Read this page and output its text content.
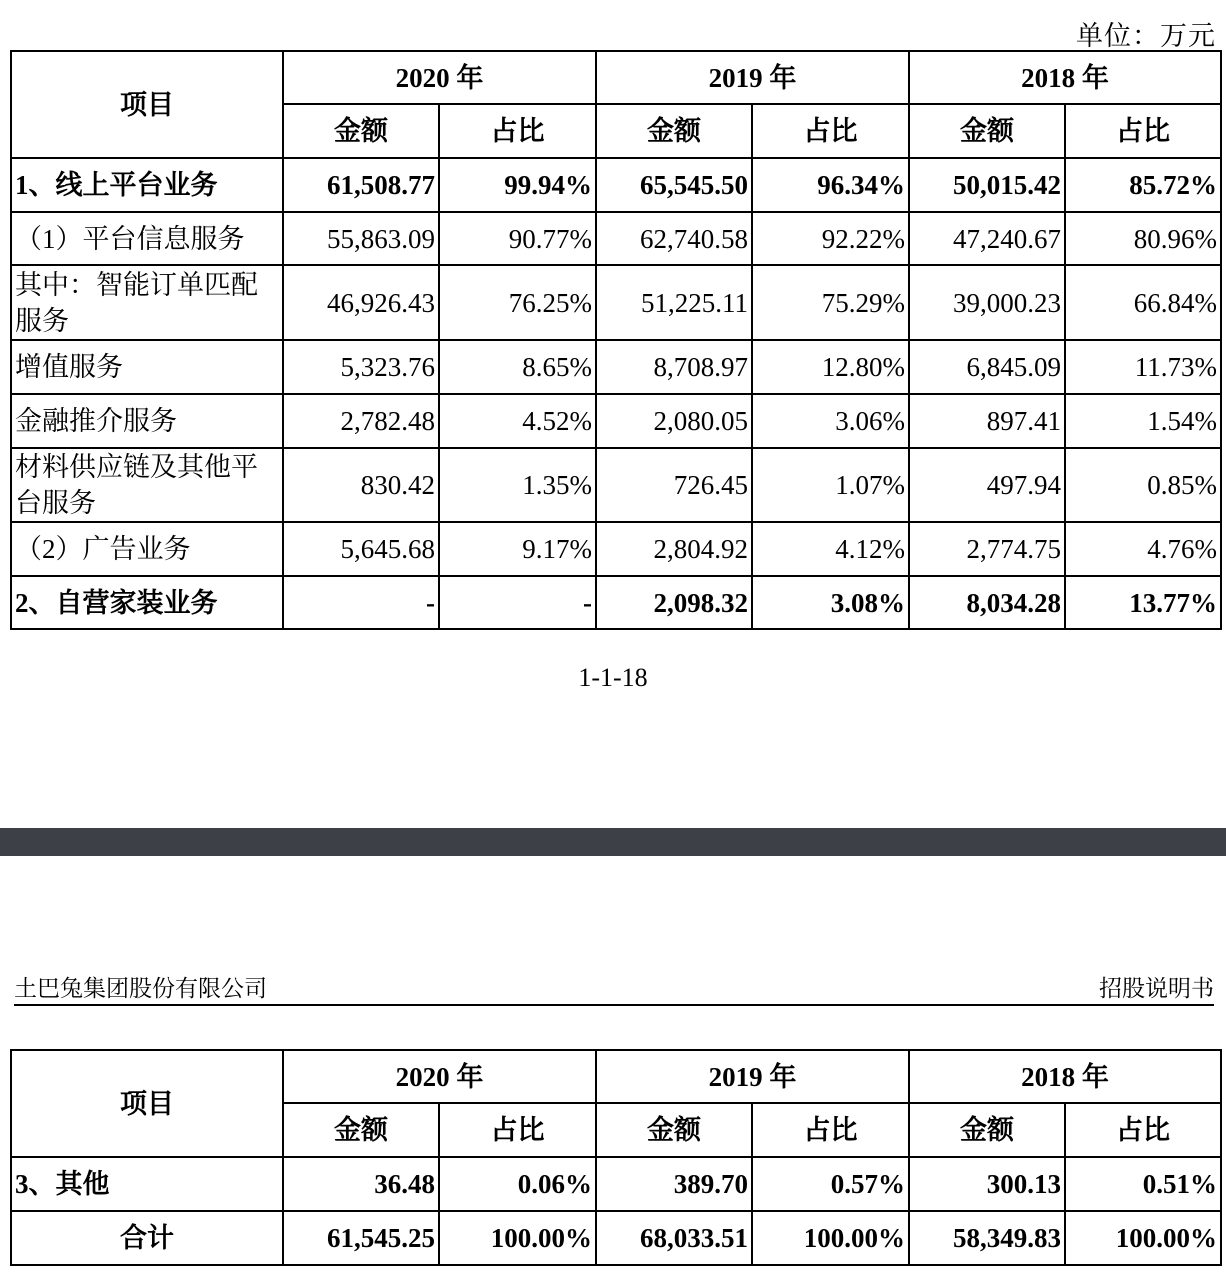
单位：万元
项目	2020 年		2019 年		2018 年	
	金额	占比	金额	占比	金额	占比
1、线上平台业务	61,508.77	99.94%	65,545.50	96.34%	50,015.42	85.72%
（1）平台信息服务	55,863.09	90.77%	62,740.58	92.22%	47,240.67	80.96%
其中：智能订单匹配服务	46,926.43	76.25%	51,225.11	75.29%	39,000.23	66.84%
增值服务	5,323.76	8.65%	8,708.97	12.80%	6,845.09	11.73%
金融推介服务	2,782.48	4.52%	2,080.05	3.06%	897.41	1.54%
材料供应链及其他平台服务	830.42	1.35%	726.45	1.07%	497.94	0.85%
（2）广告业务	5,645.68	9.17%	2,804.92	4.12%	2,774.75	4.76%
2、自营家装业务	-	-	2,098.32	3.08%	8,034.28	13.77%
1-1-18
土巴兔集团股份有限公司	招股说明书
项目	2020 年		2019 年		2018 年	
	金额	占比	金额	占比	金额	占比
3、其他	36.48	0.06%	389.70	0.57%	300.13	0.51%
合计	61,545.25	100.00%	68,033.51	100.00%	58,349.83	100.00%
